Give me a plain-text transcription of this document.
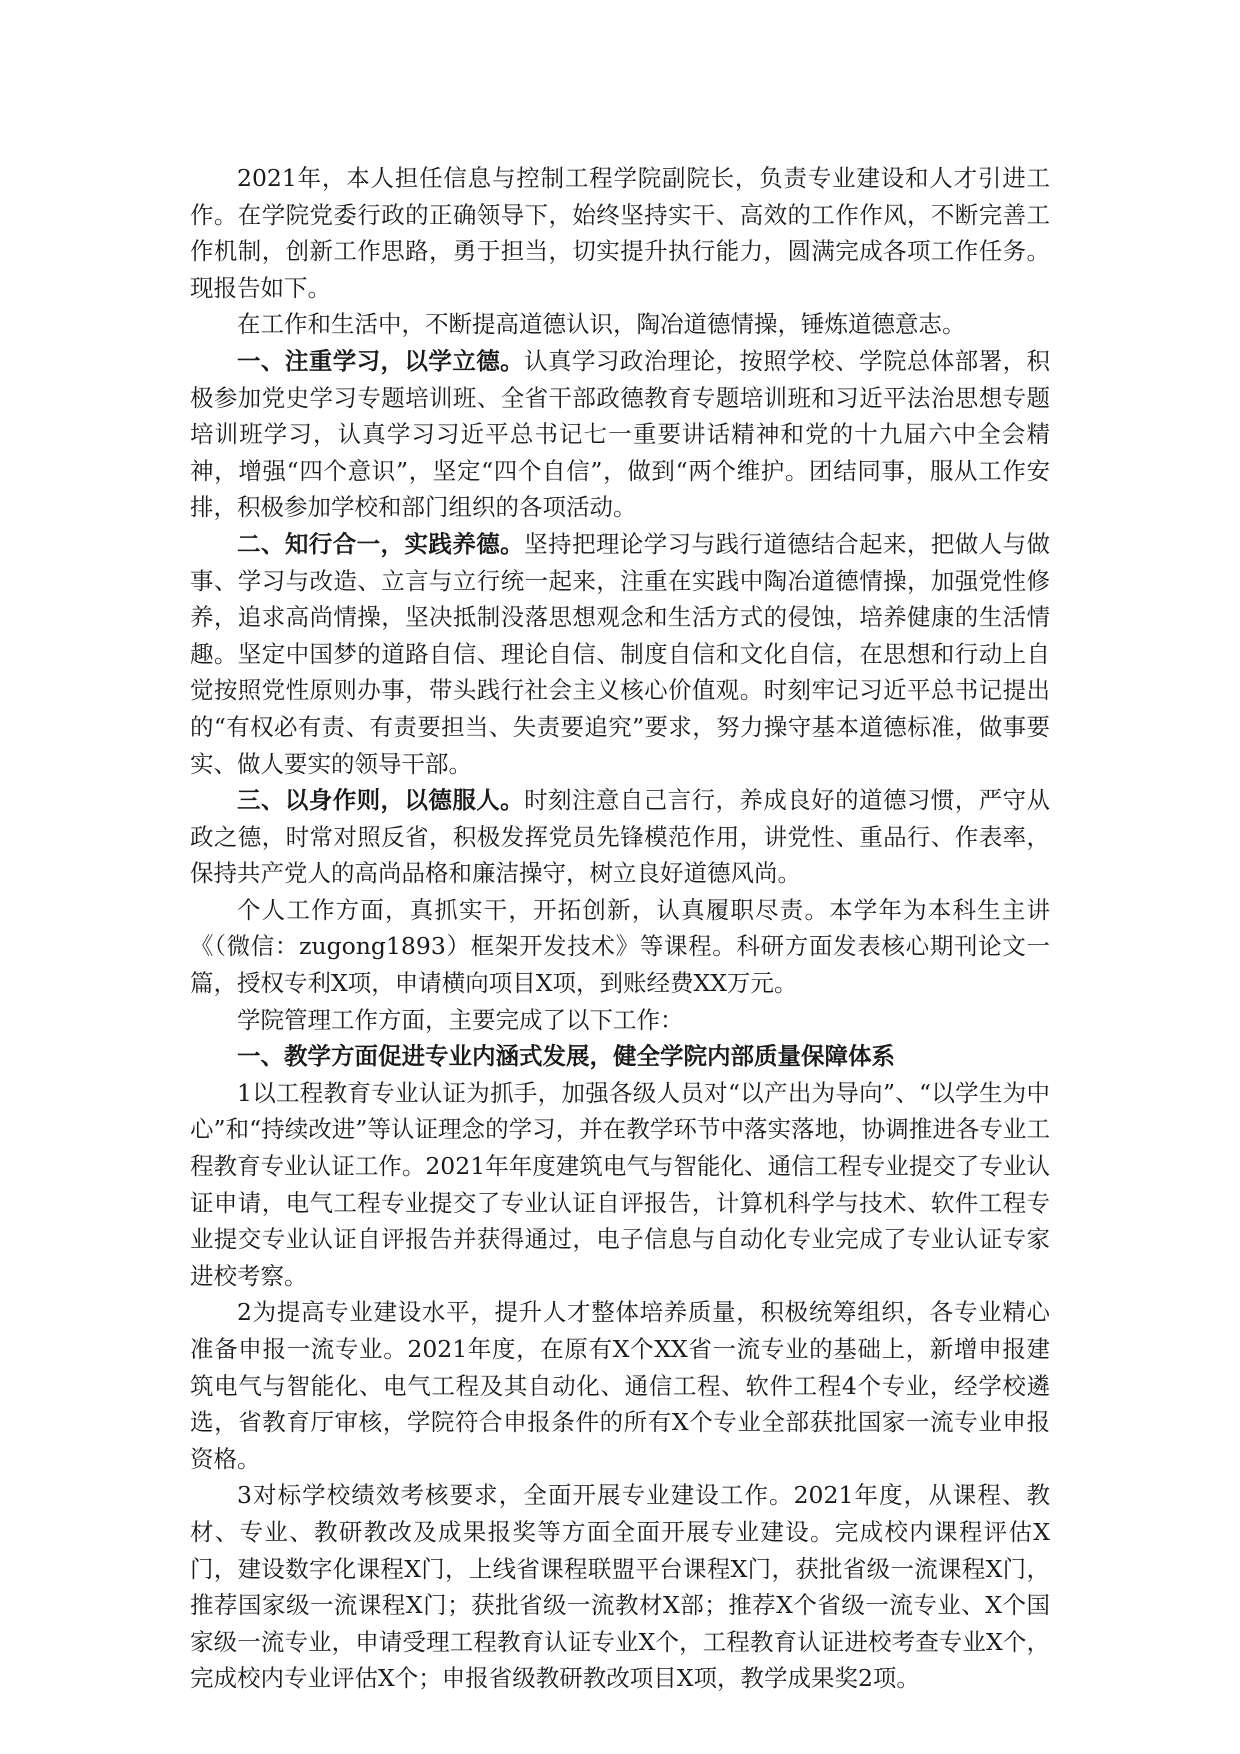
2021年，本人担任信息与控制工程学院副院长，负责专业建设和人才引进工作。在学院党委行政的正确领导下，始终坚持实干、高效的工作作风，不断完善工作机制，创新工作思路，勇于担当，切实提升执行能力，圆满完成各项工作任务。现报告如下。

在工作和生活中，不断提高道德认识，陶冶道德情操，锤炼道德意志。

一、注重学习，以学立德。认真学习政治理论，按照学校、学院总体部署，积极参加党史学习专题培训班、全省干部政德教育专题培训班和习近平法治思想专题培训班学习，认真学习习近平总书记七一重要讲话精神和党的十九届六中全会精神，增强“四个意识”，坚定“四个自信”，做到“两个维护。团结同事，服从工作安排，积极参加学校和部门组织的各项活动。

二、知行合一，实践养德。坚持把理论学习与践行道德结合起来，把做人与做事、学习与改造、立言与立行统一起来，注重在实践中陶冶道德情操，加强党性修养，追求高尚情操，坚决抵制没落思想观念和生活方式的侵蚀，培养健康的生活情趣。坚定中国梦的道路自信、理论自信、制度自信和文化自信，在思想和行动上自觉按照党性原则办事，带头践行社会主义核心价值观。时刻牢记习近平总书记提出的“有权必有责、有责要担当、失责要追究”要求，努力操守基本道德标准，做事要实、做人要实的领导干部。

三、以身作则，以德服人。时刻注意自己言行，养成良好的道德习惯，严守从政之德，时常对照反省，积极发挥党员先锋模范作用，讲党性、重品行、作表率，保持共产党人的高尚品格和廉洁操守，树立良好道德风尚。

个人工作方面，真抓实干，开拓创新，认真履职尽责。本学年为本科生主讲《（微信：zugong1893）框架开发技术》等课程。科研方面发表核心期刊论文一篇，授权专利X项，申请横向项目X项，到账经费XX万元。

学院管理工作方面，主要完成了以下工作：

一、教学方面促进专业内涵式发展，健全学院内部质量保障体系

1以工程教育专业认证为抓手，加强各级人员对“以产出为导向”、“以学生为中心”和“持续改进”等认证理念的学习，并在教学环节中落实落地，协调推进各专业工程教育专业认证工作。2021年年度建筑电气与智能化、通信工程专业提交了专业认证申请，电气工程专业提交了专业认证自评报告，计算机科学与技术、软件工程专业提交专业认证自评报告并获得通过，电子信息与自动化专业完成了专业认证专家进校考察。

2为提高专业建设水平，提升人才整体培养质量，积极统筹组织，各专业精心准备申报一流专业。2021年度，在原有X个XX省一流专业的基础上，新增申报建筑电气与智能化、电气工程及其自动化、通信工程、软件工程4个专业，经学校遴选，省教育厅审核，学院符合申报条件的所有X个专业全部获批国家一流专业申报资格。

3对标学校绩效考核要求，全面开展专业建设工作。2021年度，从课程、教材、专业、教研教改及成果报奖等方面全面开展专业建设。完成校内课程评估X门，建设数字化课程X门，上线省课程联盟平台课程X门，获批省级一流课程X门，推荐国家级一流课程X门；获批省级一流教材X部；推荐X个省级一流专业、X个国家级一流专业，申请受理工程教育认证专业X个，工程教育认证进校考查专业X个，完成校内专业评估X个；申报省级教研教改项目X项，教学成果奖2项。
